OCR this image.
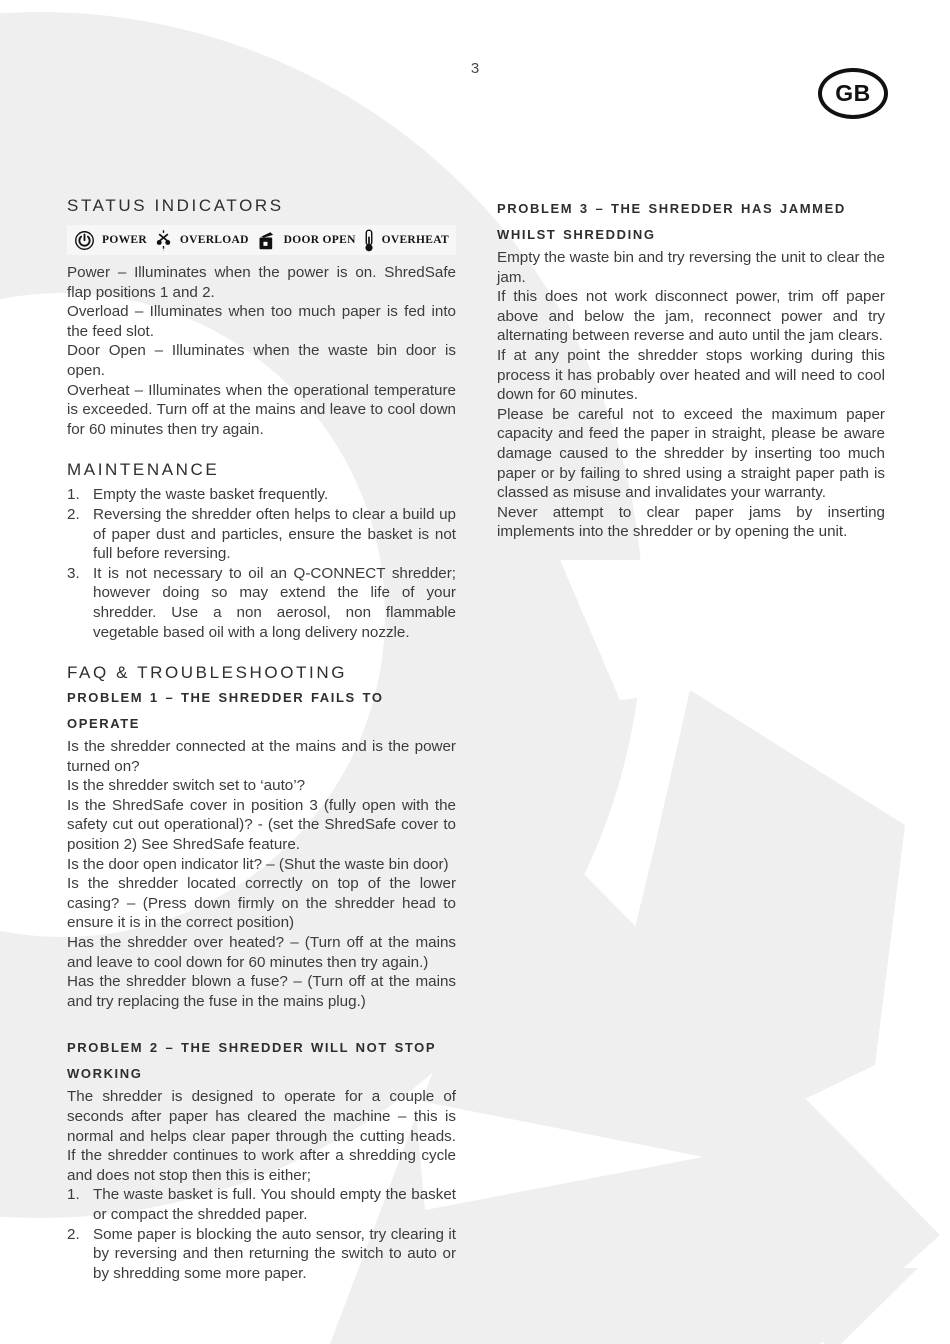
3
GB
STATUS INDICATORS
POWER	OVERLOAD	DOOR OPEN OVERHEAT

Power – Illuminates when the power is on. ShredSafe flap positions 1 and 2.

Overload – Illuminates when too much paper is fed into the feed slot.

Door Open – Illuminates when the waste bin door is open.

Overheat – Illuminates when the operational temperature is exceeded. Turn off at the mains and leave to cool down for 60 minutes then try again.

MAINTENANCE
1. Empty the waste basket frequently.

2. Reversing the shredder often helps to clear a build up of paper dust and particles, ensure the basket is not full before reversing.

3. It is not necessary to oil an Q-CONNECT shredder; however doing so may extend the life of your shredder. Use a non aerosol, non flammable vegetable based oil with a long delivery nozzle.

FAQ & TROUBLESHOOTING
PROBLEM 1 – THE SHREDDER FAILS TO OPERATE

Is the shredder connected at the mains and is the power turned on?

Is the shredder switch set to ‘auto’?

Is the ShredSafe cover in position 3 (fully open with the safety cut out operational)? - (set the ShredSafe cover to position 2) See ShredSafe feature.

Is the door open indicator lit? – (Shut the waste bin door)

Is the shredder located correctly on top of the lower casing? – (Press down firmly on the shredder head to ensure it is in the correct position)

Has the shredder over heated? – (Turn off at the mains and leave to cool down for 60 minutes then try again.)

Has the shredder blown a fuse? – (Turn off at the mains and try replacing the fuse in the mains plug.)

PROBLEM 2 – THE SHREDDER WILL NOT STOP WORKING

The shredder is designed to operate for a couple of seconds after paper has cleared the machine – this is normal and helps clear paper through the cutting heads. If the shredder continues to work after a shredding cycle and does not stop then this is either;

1. The waste basket is full. You should empty the basket or compact the shredded paper.

2. Some paper is blocking the auto sensor, try clearing it by reversing and then returning the switch to auto or by shredding some more paper.

PROBLEM 3 – THE SHREDDER HAS JAMMED WHILST SHREDDING

Empty the waste bin and try reversing the unit to clear the jam.

If this does not work disconnect power, trim off paper above and below the jam, reconnect power and try alternating between reverse and auto until the jam clears.

If at any point the shredder stops working during this process it has probably over heated and will need to cool down for 60 minutes.

Please be careful not to exceed the maximum paper capacity and feed the paper in straight, please be aware damage caused to the shredder by inserting too much paper or by failing to shred using a straight paper path is classed as misuse and invalidates your warranty.

Never attempt to clear paper jams by inserting implements into the shredder or by opening the unit.
